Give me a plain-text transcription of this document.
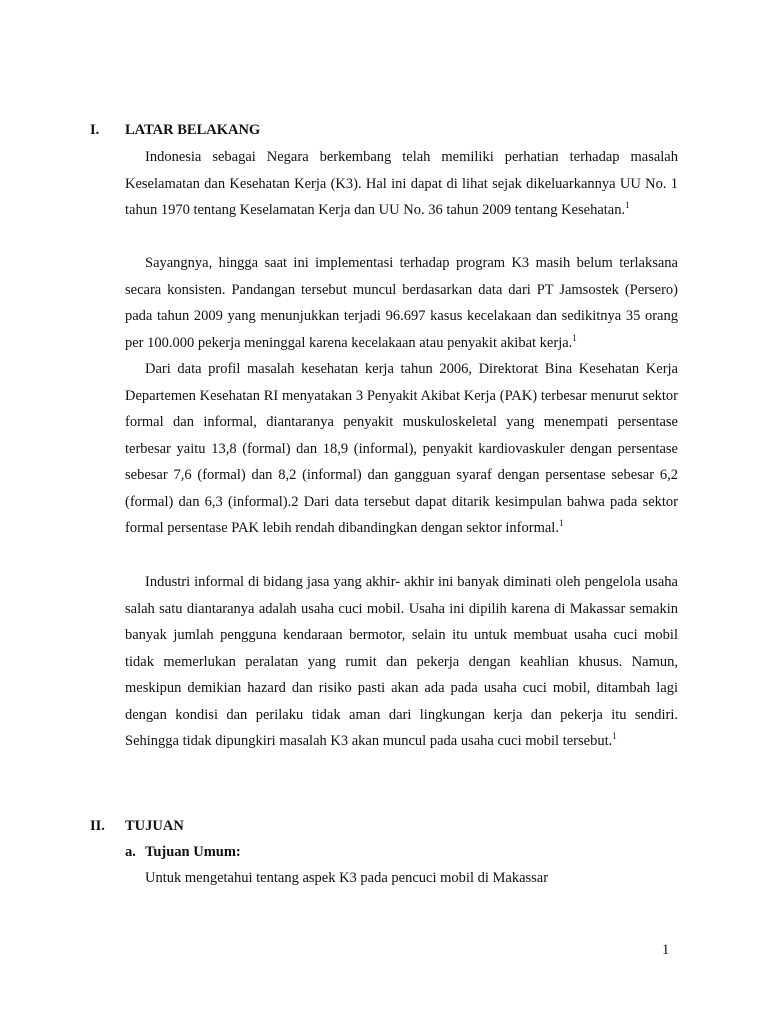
I. LATAR BELAKANG

Indonesia sebagai Negara berkembang telah memiliki perhatian terhadap masalah Keselamatan dan Kesehatan Kerja (K3). Hal ini dapat di lihat sejak dikeluarkannya UU No. 1 tahun 1970 tentang Keselamatan Kerja dan UU No. 36 tahun 2009 tentang Kesehatan.$^1$

Sayangnya, hingga saat ini implementasi terhadap program K3 masih belum terlaksana secara konsisten. Pandangan tersebut muncul berdasarkan data dari PT Jamsostek (Persero) pada tahun 2009 yang menunjukkan terjadi 96.697 kasus kecelakaan dan sedikitnya 35 orang per 100.000 pekerja meninggal karena kecelakaan atau penyakit akibat kerja.$^1$

Dari data profil masalah kesehatan kerja tahun 2006, Direktorat Bina Kesehatan Kerja Departemen Kesehatan RI menyatakan 3 Penyakit Akibat Kerja (PAK) terbesar menurut sektor formal dan informal, diantaranya penyakit muskuloskeletal yang menempati persentase terbesar yaitu 13,8 (formal) dan 18,9 (informal), penyakit kardiovaskuler dengan persentase sebesar 7,6 (formal) dan 8,2 (informal) dan gangguan syaraf dengan persentase sebesar 6,2 (formal) dan 6,3 (informal).2 Dari data tersebut dapat ditarik kesimpulan bahwa pada sektor formal persentase PAK lebih rendah dibandingkan dengan sektor informal.$^1$

Industri informal di bidang jasa yang akhir- akhir ini banyak diminati oleh pengelola usaha salah satu diantaranya adalah usaha cuci mobil. Usaha ini dipilih karena di Makassar semakin banyak jumlah pengguna kendaraan bermotor, selain itu untuk membuat usaha cuci mobil tidak memerlukan peralatan yang rumit dan pekerja dengan keahlian khusus. Namun, meskipun demikian hazard dan risiko pasti akan ada pada usaha cuci mobil, ditambah lagi dengan kondisi dan perilaku tidak aman dari lingkungan kerja dan pekerja itu sendiri. Sehingga tidak dipungkiri masalah K3 akan muncul pada usaha cuci mobil tersebut.$^1$

II. TUJUAN
a. Tujuan Umum:

Untuk mengetahui tentang aspek K3 pada pencuci mobil di Makassar

1
